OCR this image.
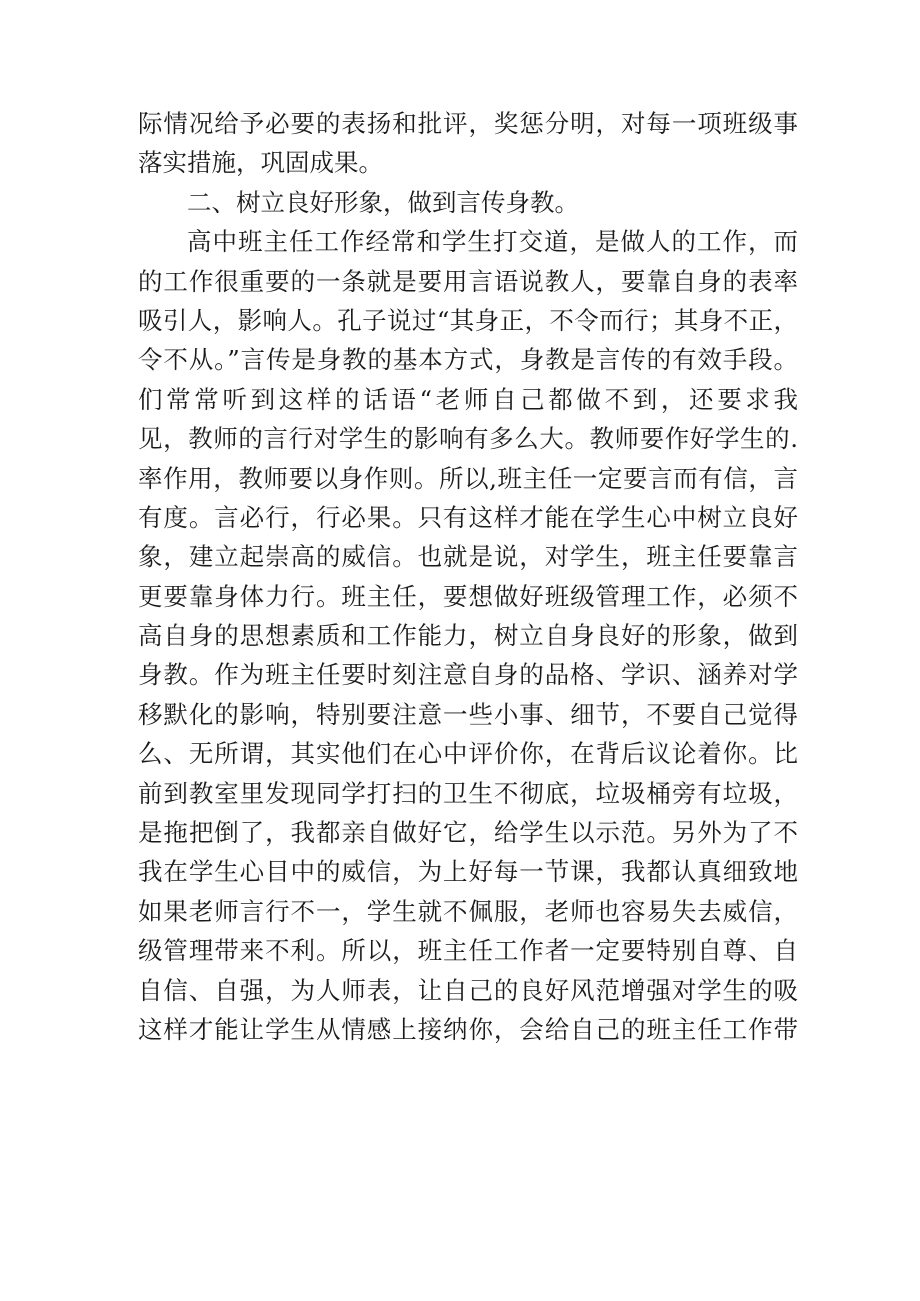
际情况给予必要的表扬和批评，奖惩分明，对每一项班级事
落实措施，巩固成果。
二、树立良好形象，做到言传身教。
高中班主任工作经常和学生打交道，是做人的工作，而
的工作很重要的一条就是要用言语说教人，要靠自身的表率
吸引人，影响人。孔子说过“其身正，不令而行；其身不正，
令不从。”言传是身教的基本方式，身教是言传的有效手段。
们常常听到这样的话语“老师自己都做不到，还要求我
见，教师的言行对学生的影响有多么大。教师要作好学生的.
率作用，教师要以身作则。所以,班主任一定要言而有信，言
有度。言必行，行必果。只有这样才能在学生心中树立良好
象，建立起崇高的威信。也就是说，对学生，班主任要靠言
更要靠身体力行。班主任，要想做好班级管理工作，必须不
高自身的思想素质和工作能力，树立自身良好的形象，做到
身教。作为班主任要时刻注意自身的品格、学识、涵养对学
移默化的影响，特别要注意一些小事、细节，不要自己觉得
么、无所谓，其实他们在心中评价你，在背后议论着你。比
前到教室里发现同学打扫的卫生不彻底，垃圾桶旁有垃圾，
是拖把倒了，我都亲自做好它，给学生以示范。另外为了不
我在学生心目中的威信，为上好每一节课，我都认真细致地
如果老师言行不一，学生就不佩服，老师也容易失去威信，
级管理带来不利。所以，班主任工作者一定要特别自尊、自
自信、自强，为人师表，让自己的良好风范增强对学生的吸
这样才能让学生从情感上接纳你，会给自己的班主任工作带
